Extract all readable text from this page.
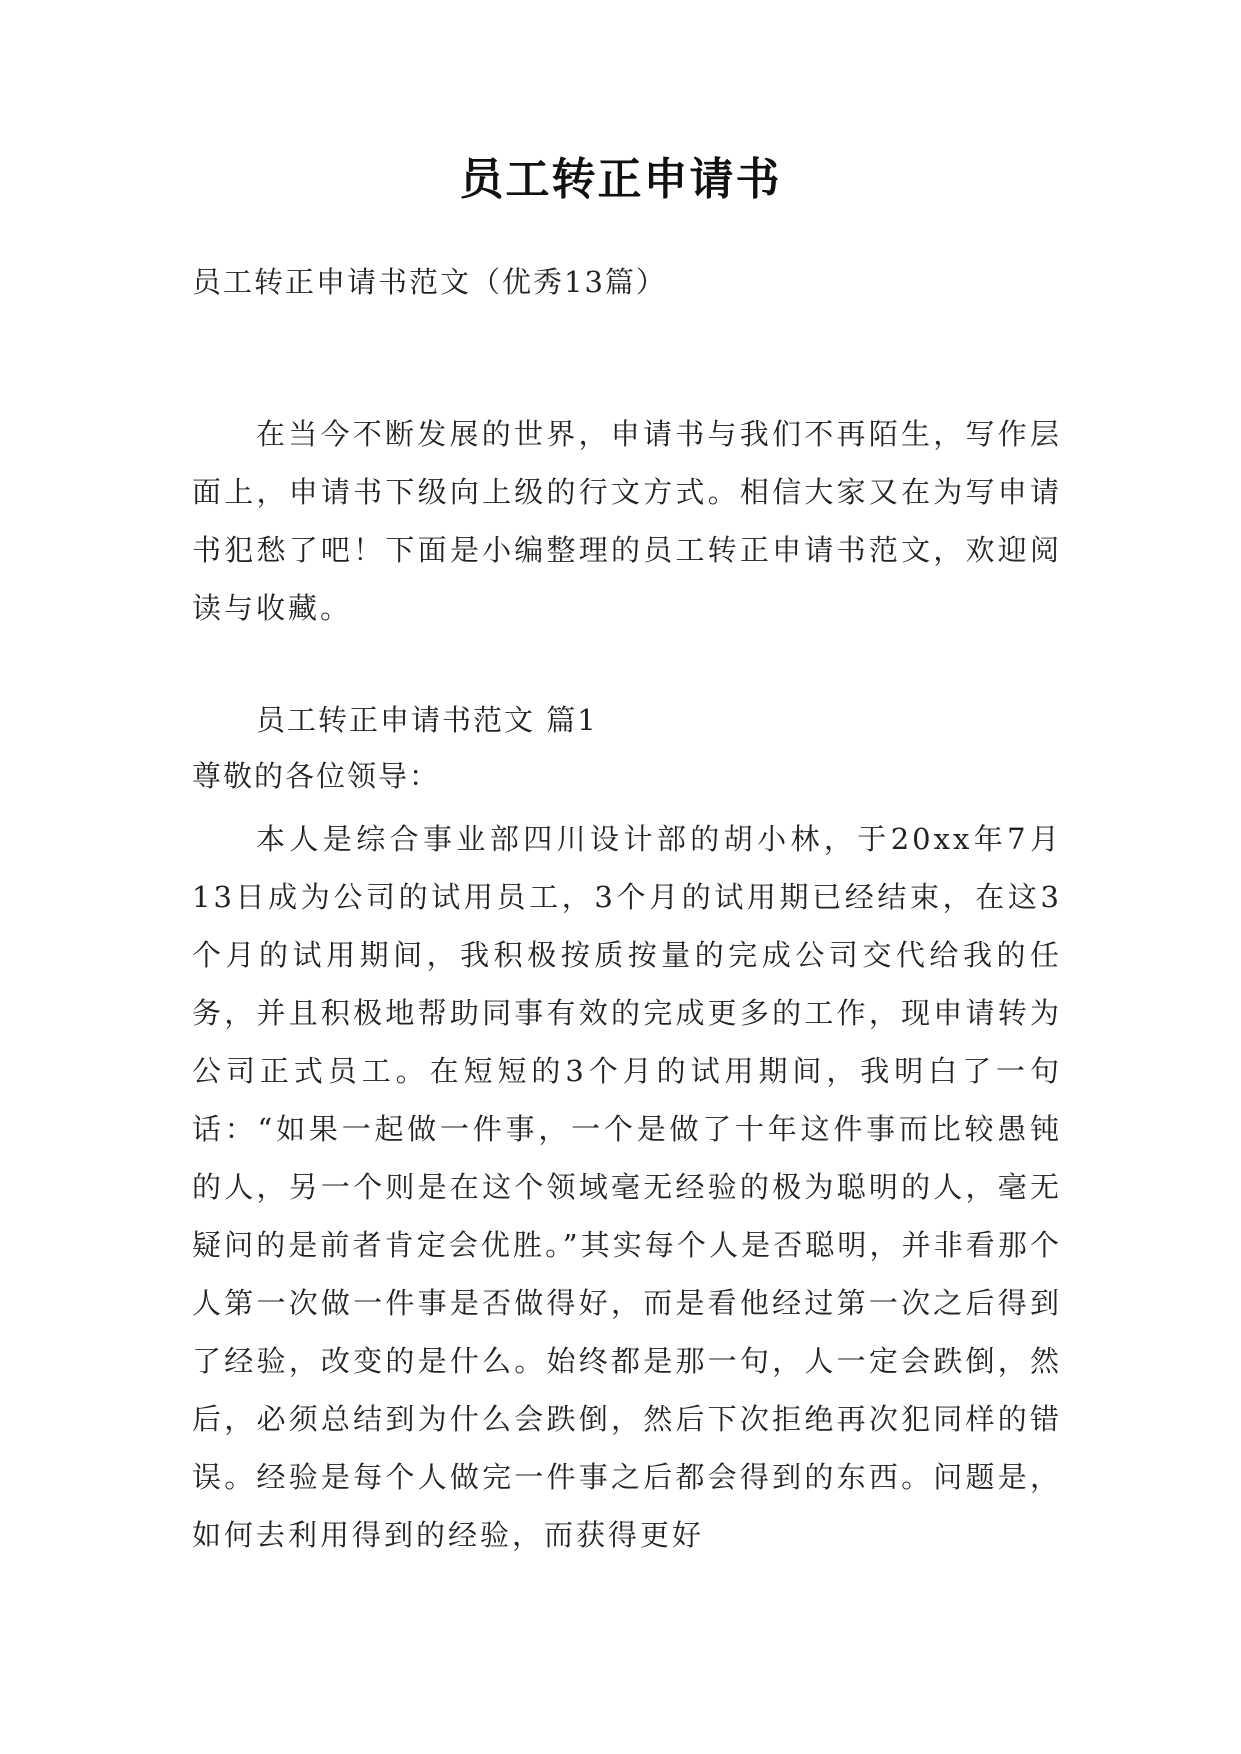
员工转正申请书
员工转正申请书范文（优秀13篇）

在当今不断发展的世界，申请书与我们不再陌生，写作层面上，申请书下级向上级的行文方式。相信大家又在为写申请书犯愁了吧！下面是小编整理的员工转正申请书范文，欢迎阅读与收藏。

员工转正申请书范文 篇1
尊敬的各位领导：

本人是综合事业部四川设计部的胡小林，于20xx年7月13日成为公司的试用员工，3个月的试用期已经结束，在这3个月的试用期间，我积极按质按量的完成公司交代给我的任务，并且积极地帮助同事有效的完成更多的工作，现申请转为公司正式员工。在短短的3个月的试用期间，我明白了一句话：“如果一起做一件事，一个是做了十年这件事而比较愚钝的人，另一个则是在这个领域毫无经验的极为聪明的人，毫无疑问的是前者肯定会优胜。”其实每个人是否聪明，并非看那个人第一次做一件事是否做得好，而是看他经过第一次之后得到了经验，改变的是什么。始终都是那一句，人一定会跌倒，然后，必须总结到为什么会跌倒，然后下次拒绝再次犯同样的错误。经验是每个人做完一件事之后都会得到的东西。问题是，如何去利用得到的经验，而获得更好
